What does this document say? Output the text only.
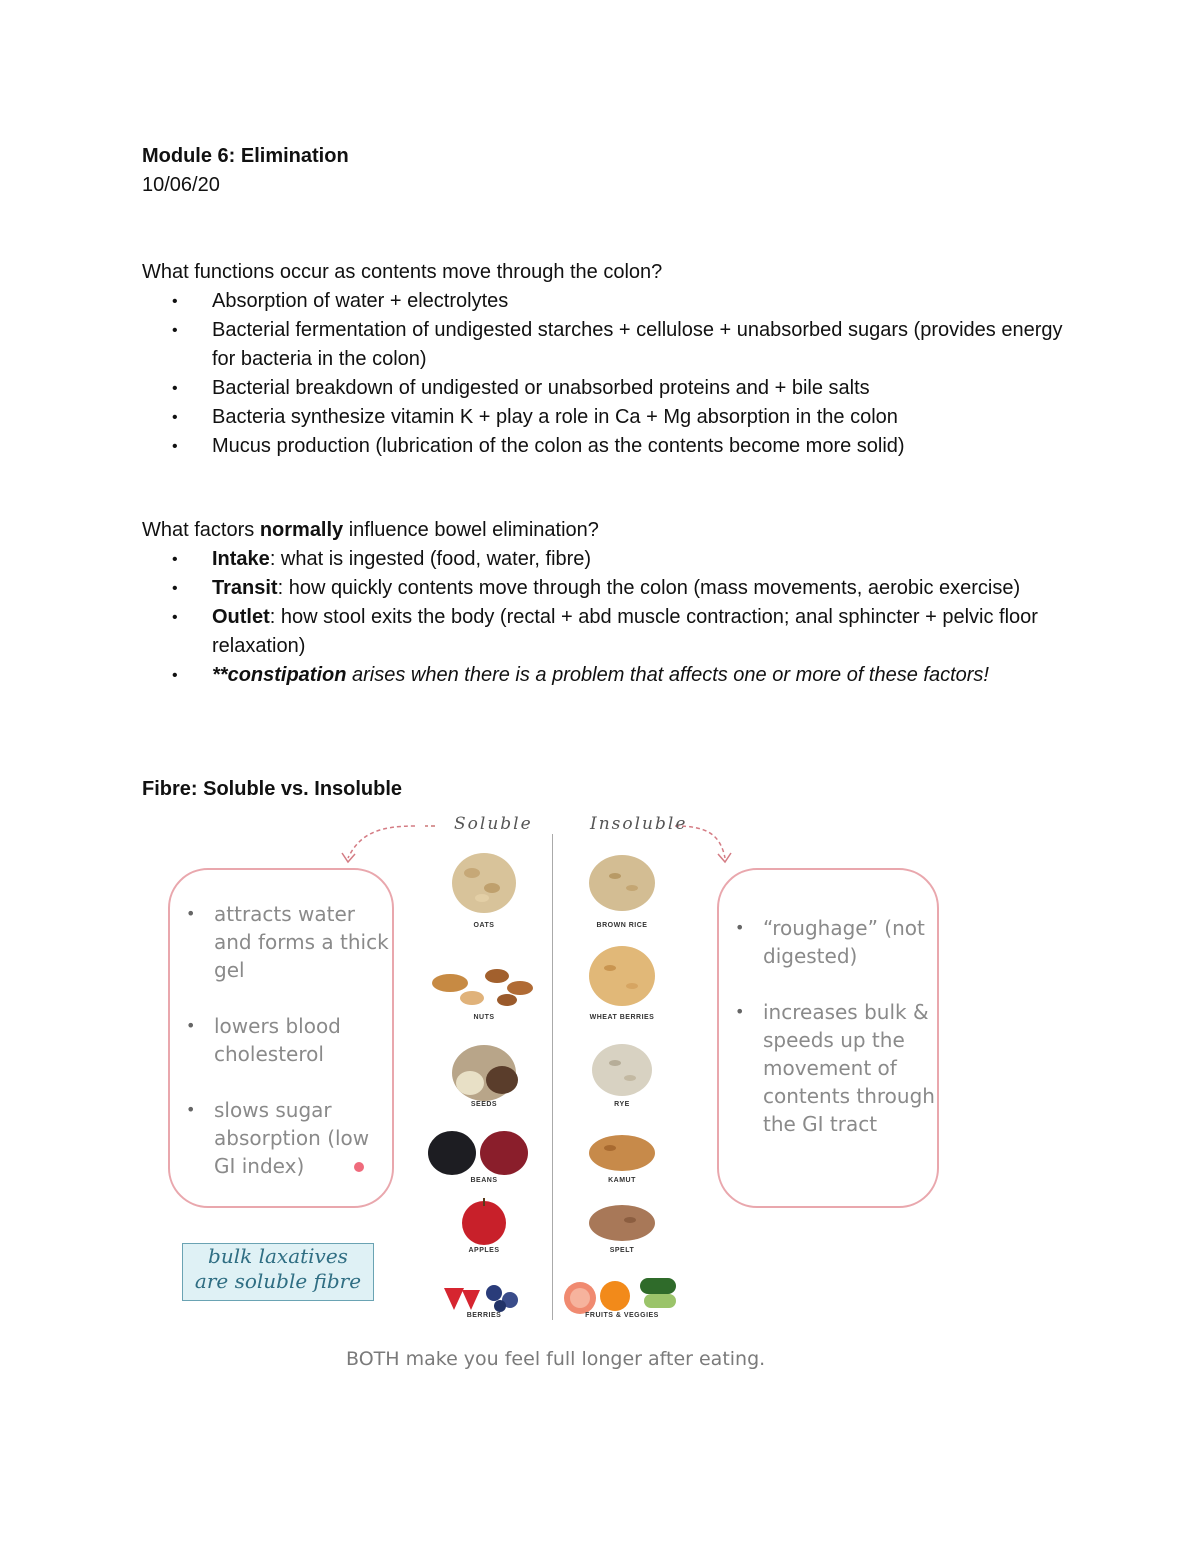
Module 6: Elimination
10/06/20
What functions occur as contents move through the colon?
• Absorption of water + electrolytes
• Bacterial fermentation of undigested starches + cellulose + unabsorbed sugars (provides energy for bacteria in the colon)
• Bacterial breakdown of undigested or unabsorbed proteins and + bile salts
• Bacteria synthesize vitamin K + play a role in Ca + Mg absorption in the colon
• Mucus production (lubrication of the colon as the contents become more solid)
What factors normally influence bowel elimination?
• Intake: what is ingested (food, water, fibre)
• Transit: how quickly contents move through the colon (mass movements, aerobic exercise)
• Outlet: how stool exits the body (rectal + abd muscle contraction; anal sphincter + pelvic floor relaxation)
• **constipation arises when there is a problem that affects one or more of these factors!
Fibre: Soluble vs. Insoluble
Soluble	Insoluble
• attracts water and forms a thick gel
• lowers blood cholesterol
• slows sugar absorption (low GI index)
• “roughage” (not digested)
• increases bulk & speeds up the movement of contents through the GI tract
OATS
NUTS
SEEDS
BEANS
APPLES
BERRIES
BROWN RICE
WHEAT BERRIES
RYE
KAMUT
SPELT
FRUITS & VEGGIES
bulk laxatives
are soluble fibre
BOTH make you feel full longer after eating.
